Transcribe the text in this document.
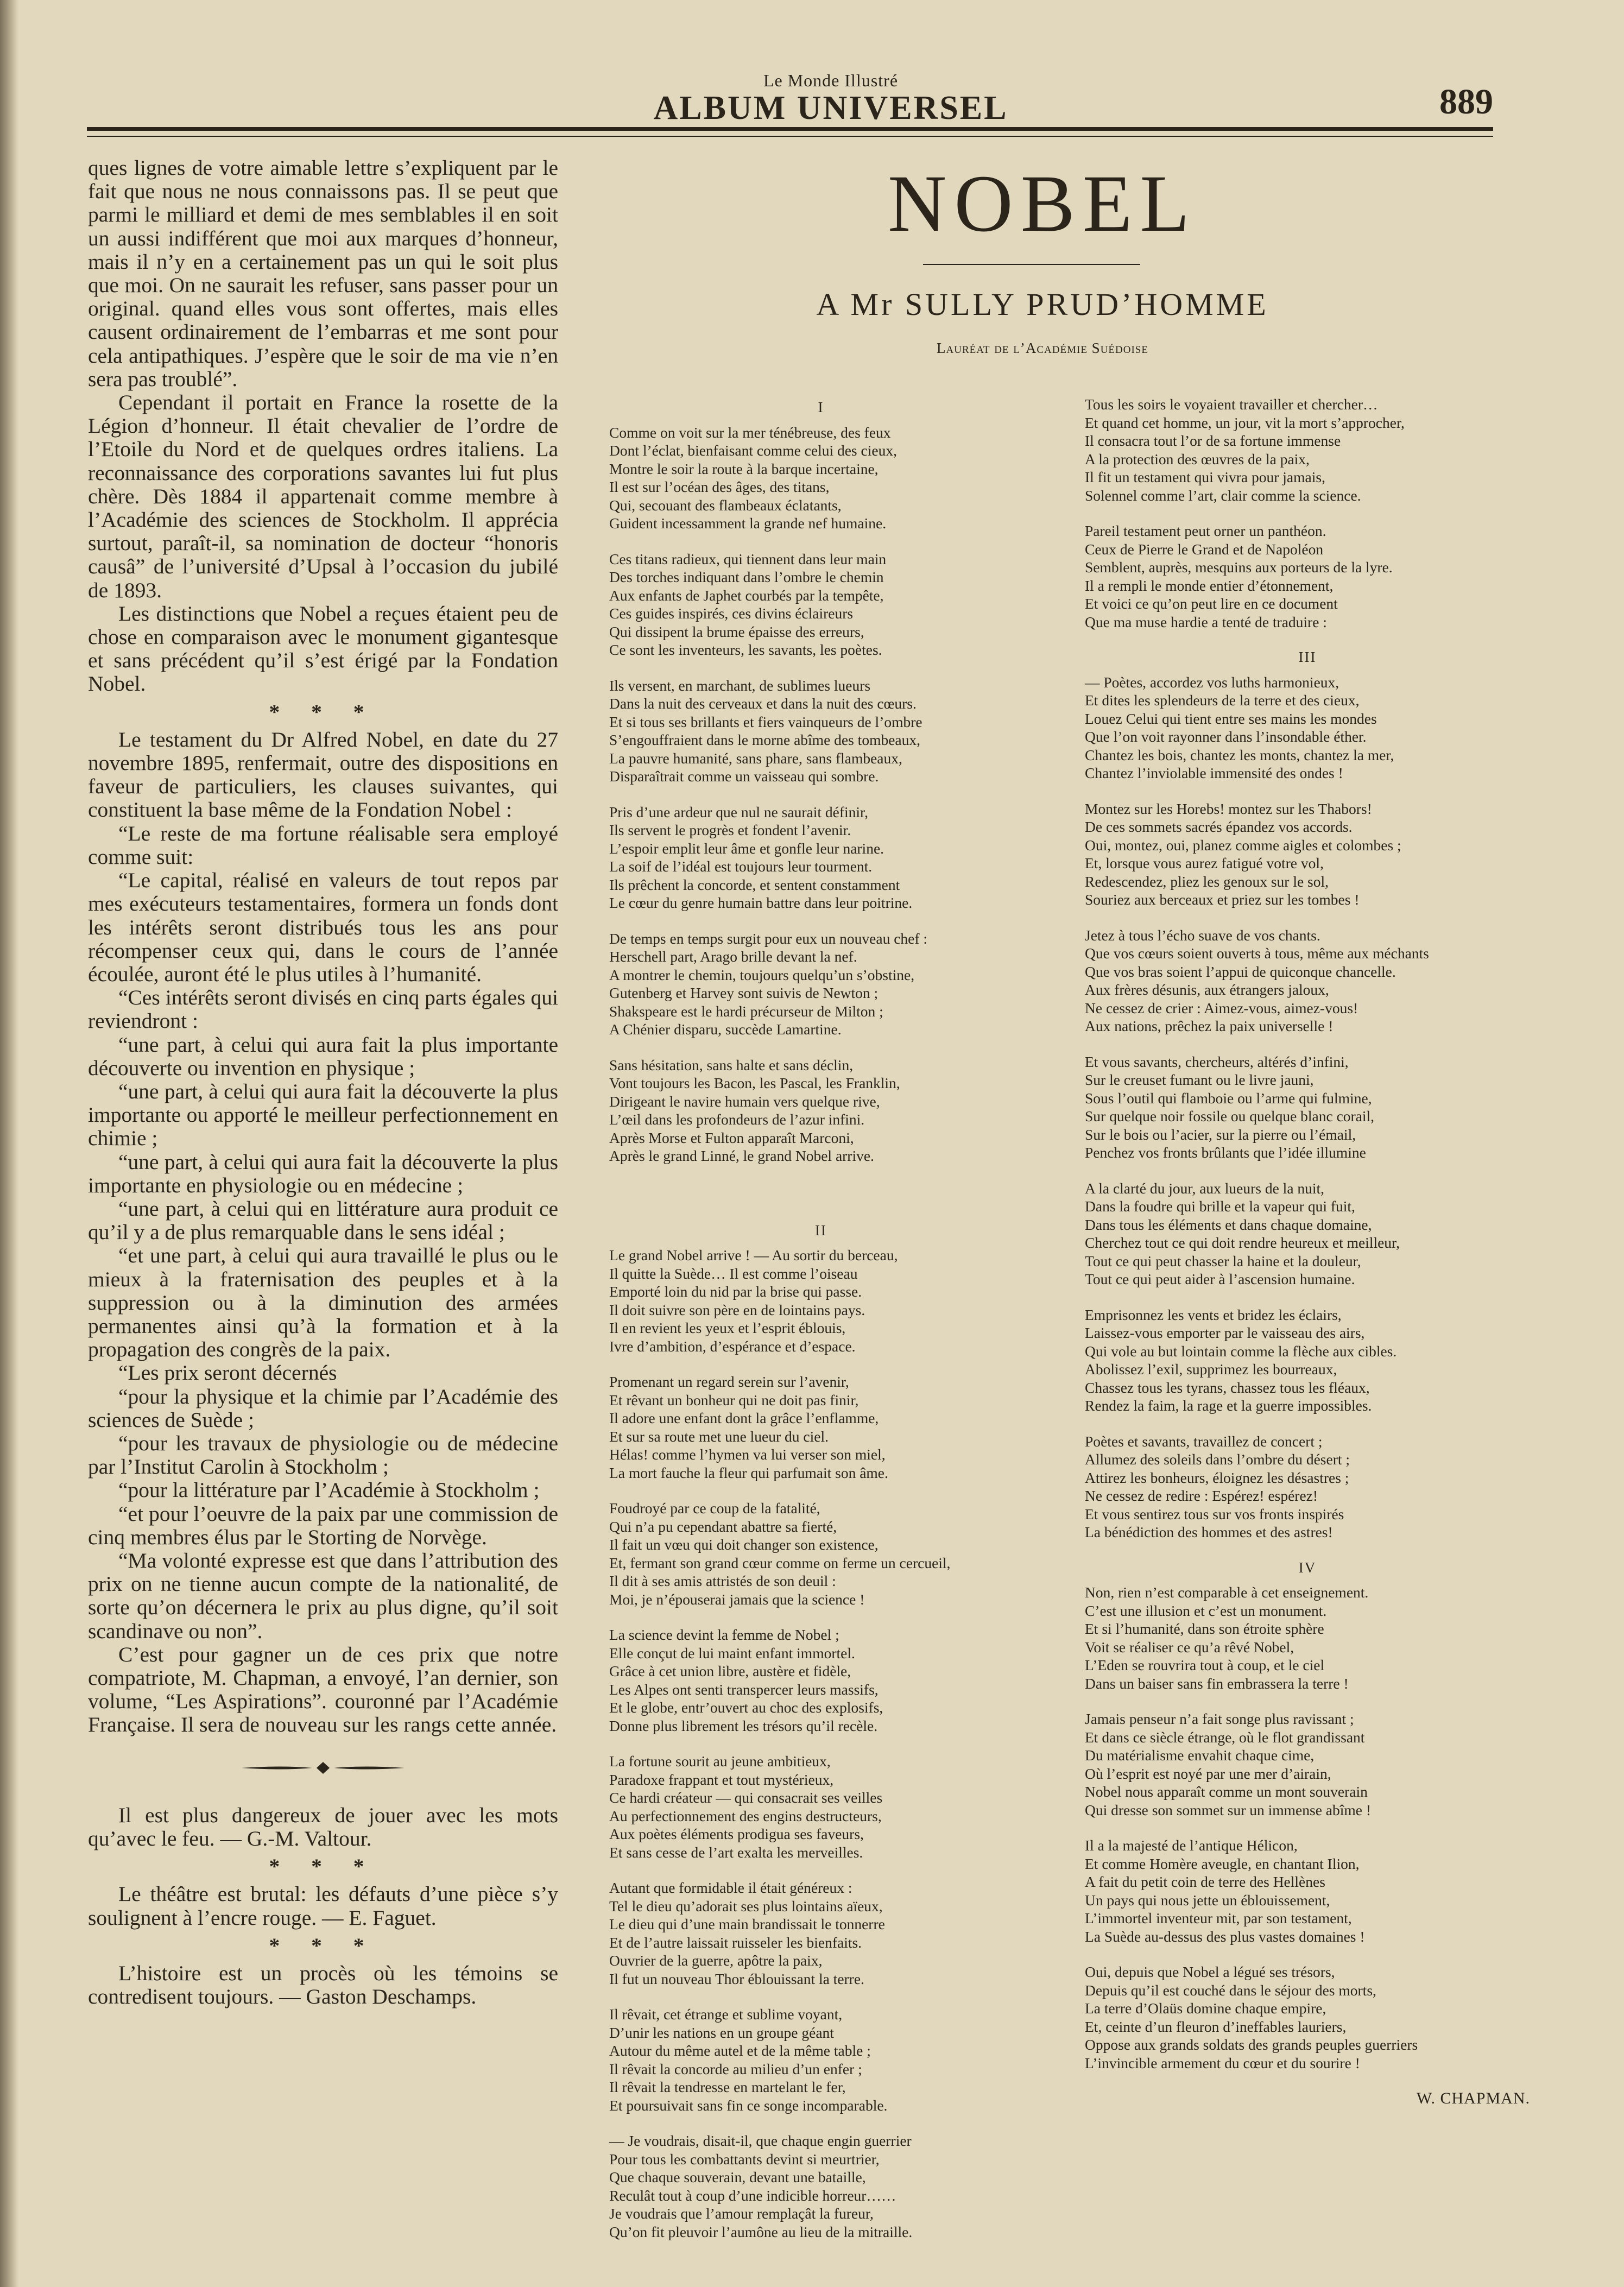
Le Monde Illustré
ALBUM UNIVERSEL	889

ques lignes de votre aimable lettre s’expliquent par le fait que nous ne nous connaissons pas. Il se peut que parmi le milliard et demi de mes semblables il en soit un aussi indifférent que moi aux marques d’honneur, mais il n’y en a certainement pas un qui le soit plus que moi. On ne saurait les refuser, sans passer pour un original. quand elles vous sont offertes, mais elles causent ordinairement de l’embarras et me sont pour cela antipathiques. J’espère que le soir de ma vie n’en sera pas troublé”.

Cependant il portait en France la rosette de la Légion d’honneur. Il était chevalier de l’ordre de l’Etoile du Nord et de quelques ordres italiens. La reconnaissance des corporations savantes lui fut plus chère. Dès 1884 il appartenait comme membre à l’Académie des sciences de Stockholm. Il apprécia surtout, paraît-il, sa nomination de docteur “honoris causâ” de l’université d’Upsal à l’occasion du jubilé de 1893.

Les distinctions que Nobel a reçues étaient peu de chose en comparaison avec le monument gigantesque et sans précédent qu’il s’est érigé par la Fondation Nobel.

* * *

Le testament du Dr Alfred Nobel, en date du 27 novembre 1895, renfermait, outre des dispositions en faveur de particuliers, les clauses suivantes, qui constituent la base même de la Fondation Nobel :

“Le reste de ma fortune réalisable sera employé comme suit:

“Le capital, réalisé en valeurs de tout repos par mes exécuteurs testamentaires, formera un fonds dont les intérêts seront distribués tous les ans pour récompenser ceux qui, dans le cours de l’année écoulée, auront été le plus utiles à l’humanité.

“Ces intérêts seront divisés en cinq parts égales qui reviendront :

“une part, à celui qui aura fait la plus importante découverte ou invention en physique ;

“une part, à celui qui aura fait la découverte la plus importante ou apporté le meilleur perfectionnement en chimie ;

“une part, à celui qui aura fait la découverte la plus importante en physiologie ou en médecine ;

“une part, à celui qui en littérature aura produit ce qu’il y a de plus remarquable dans le sens idéal ;

“et une part, à celui qui aura travaillé le plus ou le mieux à la fraternisation des peuples et à la suppression ou à la diminution des armées permanentes ainsi qu’à la formation et à la propagation des congrès de la paix.

“Les prix seront décernés

“pour la physique et la chimie par l’Académie des sciences de Suède ;

“pour les travaux de physiologie ou de médecine par l’Institut Carolin à Stockholm ;

“pour la littérature par l’Académie à Stockholm ;

“et pour l’oeuvre de la paix par une commission de cinq membres élus par le Storting de Norvège.

“Ma volonté expresse est que dans l’attribution des prix on ne tienne aucun compte de la nationalité, de sorte qu’on décernera le prix au plus digne, qu’il soit scandinave ou non”.

C’est pour gagner un de ces prix que notre compatriote, M. Chapman, a envoyé, l’an dernier, son volume, “Les Aspirations”. couronné par l’Académie Française. Il sera de nouveau sur les rangs cette année.

Il est plus dangereux de jouer avec les mots qu’avec le feu. — G.-M. Valtour.

* * *

Le théâtre est brutal: les défauts d’une pièce s’y soulignent à l’encre rouge. — E. Faguet.

* * *

L’histoire est un procès où les témoins se contredisent toujours. — Gaston Deschamps.

NOBEL
A Mr SULLY PRUD’HOMME
Lauréat de l’Académie Suédoise
I
Comme on voit sur la mer ténébreuse, des feux
Dont l’éclat, bienfaisant comme celui des cieux,
Montre le soir la route à la barque incertaine,
Il est sur l’océan des âges, des titans,
Qui, secouant des flambeaux éclatants,
Guident incessamment la grande nef humaine.
Ces titans radieux, qui tiennent dans leur main
Des torches indiquant dans l’ombre le chemin
Aux enfants de Japhet courbés par la tempête,
Ces guides inspirés, ces divins éclaireurs
Qui dissipent la brume épaisse des erreurs,
Ce sont les inventeurs, les savants, les poètes.
Ils versent, en marchant, de sublimes lueurs
Dans la nuit des cerveaux et dans la nuit des cœurs.
Et si tous ses brillants et fiers vainqueurs de l’ombre
S’engouffraient dans le morne abîme des tombeaux,
La pauvre humanité, sans phare, sans flambeaux,
Disparaîtrait comme un vaisseau qui sombre.
Pris d’une ardeur que nul ne saurait définir,
Ils servent le progrès et fondent l’avenir.
L’espoir emplit leur âme et gonfle leur narine.
La soif de l’idéal est toujours leur tourment.
Ils prêchent la concorde, et sentent constamment
Le cœur du genre humain battre dans leur poitrine.
De temps en temps surgit pour eux un nouveau chef :
Herschell part, Arago brille devant la nef.
A montrer le chemin, toujours quelqu’un s’obstine,
Gutenberg et Harvey sont suivis de Newton ;
Shakspeare est le hardi précurseur de Milton ;
A Chénier disparu, succède Lamartine.
Sans hésitation, sans halte et sans déclin,
Vont toujours les Bacon, les Pascal, les Franklin,
Dirigeant le navire humain vers quelque rive,
L’œil dans les profondeurs de l’azur infini.
Après Morse et Fulton apparaît Marconi,
Après le grand Linné, le grand Nobel arrive.
II
Le grand Nobel arrive ! — Au sortir du berceau,
Il quitte la Suède… Il est comme l’oiseau
Emporté loin du nid par la brise qui passe.
Il doit suivre son père en de lointains pays.
Il en revient les yeux et l’esprit éblouis,
Ivre d’ambition, d’espérance et d’espace.
Promenant un regard serein sur l’avenir,
Et rêvant un bonheur qui ne doit pas finir,
Il adore une enfant dont la grâce l’enflamme,
Et sur sa route met une lueur du ciel.
Hélas! comme l’hymen va lui verser son miel,
La mort fauche la fleur qui parfumait son âme.
Foudroyé par ce coup de la fatalité,
Qui n’a pu cependant abattre sa fierté,
Il fait un vœu qui doit changer son existence,
Et, fermant son grand cœur comme on ferme un cercueil,
Il dit à ses amis attristés de son deuil :
Moi, je n’épouserai jamais que la science !
La science devint la femme de Nobel ;
Elle conçut de lui maint enfant immortel.
Grâce à cet union libre, austère et fidèle,
Les Alpes ont senti transpercer leurs massifs,
Et le globe, entr’ouvert au choc des explosifs,
Donne plus librement les trésors qu’il recèle.
La fortune sourit au jeune ambitieux,
Paradoxe frappant et tout mystérieux,
Ce hardi créateur — qui consacrait ses veilles
Au perfectionnement des engins destructeurs,
Aux poètes éléments prodigua ses faveurs,
Et sans cesse de l’art exalta les merveilles.
Autant que formidable il était généreux :
Tel le dieu qu’adorait ses plus lointains aïeux,
Le dieu qui d’une main brandissait le tonnerre
Et de l’autre laissait ruisseler les bienfaits.
Ouvrier de la guerre, apôtre la paix,
Il fut un nouveau Thor éblouissant la terre.
Il rêvait, cet étrange et sublime voyant,
D’unir les nations en un groupe géant
Autour du même autel et de la même table ;
Il rêvait la concorde au milieu d’un enfer ;
Il rêvait la tendresse en martelant le fer,
Et poursuivait sans fin ce songe incomparable.
— Je voudrais, disait-il, que chaque engin guerrier
Pour tous les combattants devint si meurtrier,
Que chaque souverain, devant une bataille,
Reculât tout à coup d’une indicible horreur……
Je voudrais que l’amour remplaçât la fureur,
Qu’on fit pleuvoir l’aumône au lieu de la mitraille.
Tous les soirs le voyaient travailler et chercher…
Et quand cet homme, un jour, vit la mort s’approcher,
Il consacra tout l’or de sa fortune immense
A la protection des œuvres de la paix,
Il fit un testament qui vivra pour jamais,
Solennel comme l’art, clair comme la science.
Pareil testament peut orner un panthéon.
Ceux de Pierre le Grand et de Napoléon
Semblent, auprès, mesquins aux porteurs de la lyre.
Il a rempli le monde entier d’étonnement,
Et voici ce qu’on peut lire en ce document
Que ma muse hardie a tenté de traduire :
III
— Poètes, accordez vos luths harmonieux,
Et dites les splendeurs de la terre et des cieux,
Louez Celui qui tient entre ses mains les mondes
Que l’on voit rayonner dans l’insondable éther.
Chantez les bois, chantez les monts, chantez la mer,
Chantez l’inviolable immensité des ondes !
Montez sur les Horebs! montez sur les Thabors!
De ces sommets sacrés épandez vos accords.
Oui, montez, oui, planez comme aigles et colombes ;
Et, lorsque vous aurez fatigué votre vol,
Redescendez, pliez les genoux sur le sol,
Souriez aux berceaux et priez sur les tombes !
Jetez à tous l’écho suave de vos chants.
Que vos cœurs soient ouverts à tous, même aux méchants
Que vos bras soient l’appui de quiconque chancelle.
Aux frères désunis, aux étrangers jaloux,
Ne cessez de crier : Aimez-vous, aimez-vous!
Aux nations, prêchez la paix universelle !
Et vous savants, chercheurs, altérés d’infini,
Sur le creuset fumant ou le livre jauni,
Sous l’outil qui flamboie ou l’arme qui fulmine,
Sur quelque noir fossile ou quelque blanc corail,
Sur le bois ou l’acier, sur la pierre ou l’émail,
Penchez vos fronts brûlants que l’idée illumine
A la clarté du jour, aux lueurs de la nuit,
Dans la foudre qui brille et la vapeur qui fuit,
Dans tous les éléments et dans chaque domaine,
Cherchez tout ce qui doit rendre heureux et meilleur,
Tout ce qui peut chasser la haine et la douleur,
Tout ce qui peut aider à l’ascension humaine.
Emprisonnez les vents et bridez les éclairs,
Laissez-vous emporter par le vaisseau des airs,
Qui vole au but lointain comme la flèche aux cibles.
Abolissez l’exil, supprimez les bourreaux,
Chassez tous les tyrans, chassez tous les fléaux,
Rendez la faim, la rage et la guerre impossibles.
Poètes et savants, travaillez de concert ;
Allumez des soleils dans l’ombre du désert ;
Attirez les bonheurs, éloignez les désastres ;
Ne cessez de redire : Espérez! espérez!
Et vous sentirez tous sur vos fronts inspirés
La bénédiction des hommes et des astres!
IV
Non, rien n’est comparable à cet enseignement.
C’est une illusion et c’est un monument.
Et si l’humanité, dans son étroite sphère
Voit se réaliser ce qu’a rêvé Nobel,
L’Eden se rouvrira tout à coup, et le ciel
Dans un baiser sans fin embrassera la terre !
Jamais penseur n’a fait songe plus ravissant ;
Et dans ce siècle étrange, où le flot grandissant
Du matérialisme envahit chaque cime,
Où l’esprit est noyé par une mer d’airain,
Nobel nous apparaît comme un mont souverain
Qui dresse son sommet sur un immense abîme !
Il a la majesté de l’antique Hélicon,
Et comme Homère aveugle, en chantant Ilion,
A fait du petit coin de terre des Hellènes
Un pays qui nous jette un éblouissement,
L’immortel inventeur mit, par son testament,
La Suède au-dessus des plus vastes domaines !
Oui, depuis que Nobel a légué ses trésors,
Depuis qu’il est couché dans le séjour des morts,
La terre d’Olaüs domine chaque empire,
Et, ceinte d’un fleuron d’ineffables lauriers,
Oppose aux grands soldats des grands peuples guerriers
L’invincible armement du cœur et du sourire !
W. CHAPMAN.
